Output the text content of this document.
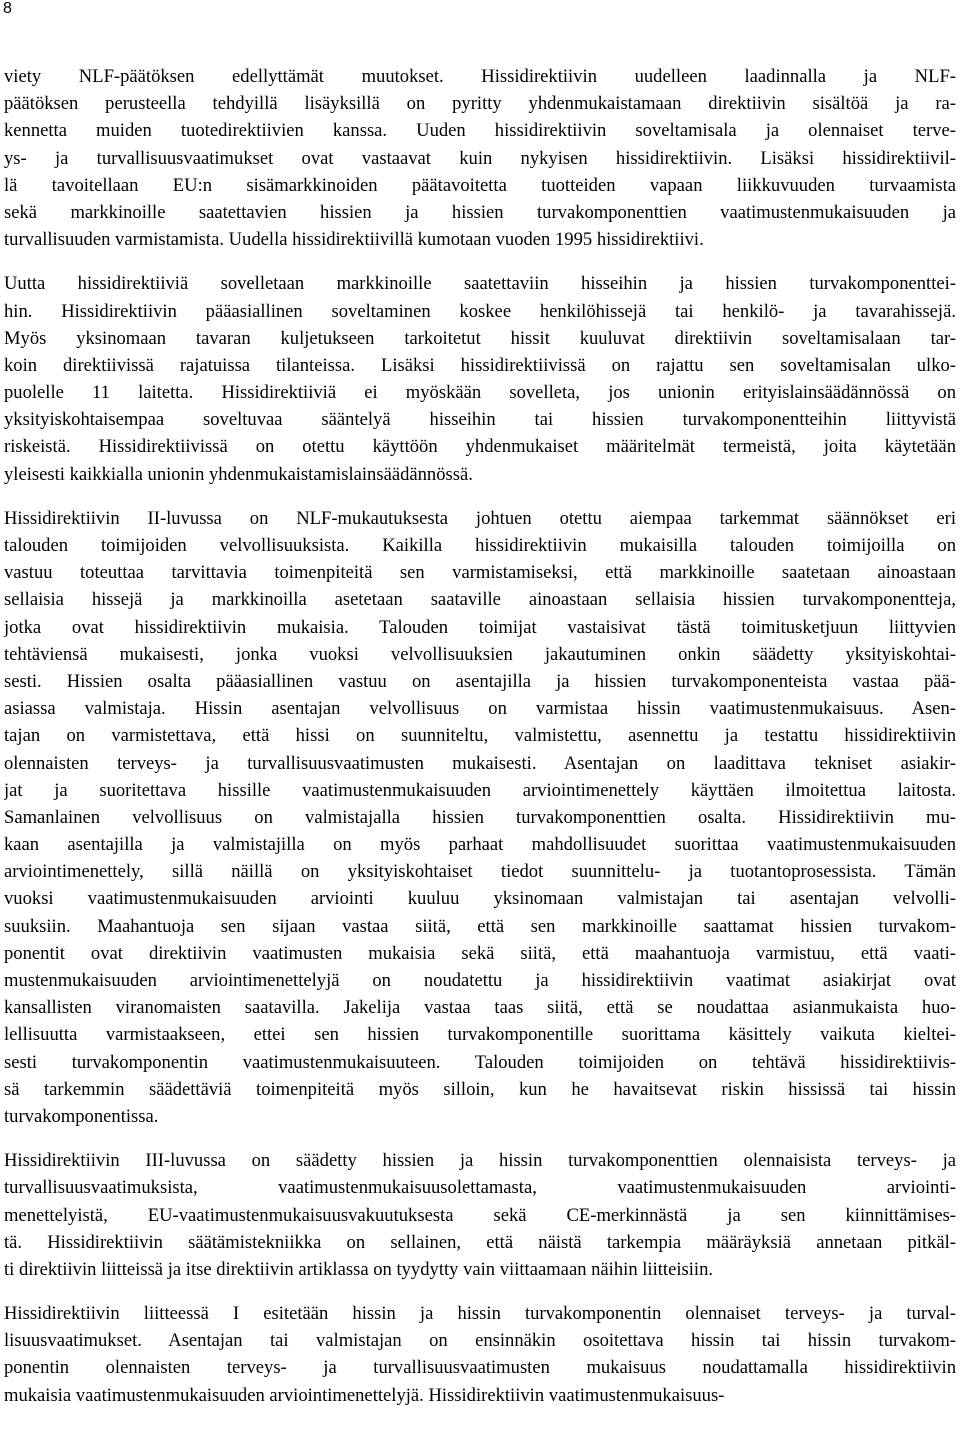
8
viety NLF-päätöksen edellyttämät muutokset. Hissidirektiivin uudelleen laadinnalla ja NLF-
päätöksen perusteella tehdyillä lisäyksillä on pyritty yhdenmukaistamaan direktiivin sisältöä ja ra-
kennetta muiden tuotedirektiivien kanssa. Uuden hissidirektiivin soveltamisala ja olennaiset terve-
ys- ja turvallisuusvaatimukset ovat vastaavat kuin nykyisen hissidirektiivin. Lisäksi hissidirektiivil-
lä tavoitellaan EU:n sisämarkkinoiden päätavoitetta tuotteiden vapaan liikkuvuuden turvaamista
sekä markkinoille saatettavien hissien ja hissien turvakomponenttien vaatimustenmukaisuuden ja
turvallisuuden varmistamista. Uudella hissidirektiivillä kumotaan vuoden 1995 hissidirektiivi.
Uutta hissidirektiiviä sovelletaan markkinoille saatettaviin hisseihin ja hissien turvakomponenttei-
hin. Hissidirektiivin pääasiallinen soveltaminen koskee henkilöhissejä tai henkilö- ja tavarahissejä.
Myös yksinomaan tavaran kuljetukseen tarkoitetut hissit kuuluvat direktiivin soveltamisalaan tar-
koin direktiivissä rajatuissa tilanteissa. Lisäksi hissidirektiivissä on rajattu sen soveltamisalan ulko-
puolelle 11 laitetta. Hissidirektiiviä ei myöskään sovelleta, jos unionin erityislainsäädännössä on
yksityiskohtaisempaa soveltuvaa sääntelyä hisseihin tai hissien turvakomponentteihin liittyvistä
riskeistä. Hissidirektiivissä on otettu käyttöön yhdenmukaiset määritelmät termeistä, joita käytetään
yleisesti kaikkialla unionin yhdenmukaistamislainsäädännössä.
Hissidirektiivin II-luvussa on NLF-mukautuksesta johtuen otettu aiempaa tarkemmat säännökset eri
talouden toimijoiden velvollisuuksista. Kaikilla hissidirektiivin mukaisilla talouden toimijoilla on
vastuu toteuttaa tarvittavia toimenpiteitä sen varmistamiseksi, että markkinoille saatetaan ainoastaan
sellaisia hissejä ja markkinoilla asetetaan saataville ainoastaan sellaisia hissien turvakomponentteja,
jotka ovat hissidirektiivin mukaisia. Talouden toimijat vastaisivat tästä toimitusketjuun liittyvien
tehtäviensä mukaisesti, jonka vuoksi velvollisuuksien jakautuminen onkin säädetty yksityiskohtai-
sesti. Hissien osalta pääasiallinen vastuu on asentajilla ja hissien turvakomponenteista vastaa pää-
asiassa valmistaja. Hissin asentajan velvollisuus on varmistaa hissin vaatimustenmukaisuus. Asen-
tajan on varmistettava, että hissi on suunniteltu, valmistettu, asennettu ja testattu hissidirektiivin
olennaisten terveys- ja turvallisuusvaatimusten mukaisesti. Asentajan on laadittava tekniset asiakir-
jat ja suoritettava hissille vaatimustenmukaisuuden arviointimenettely käyttäen ilmoitettua laitosta.
Samanlainen velvollisuus on valmistajalla hissien turvakomponenttien osalta. Hissidirektiivin mu-
kaan asentajilla ja valmistajilla on myös parhaat mahdollisuudet suorittaa vaatimustenmukaisuuden
arviointimenettely, sillä näillä on yksityiskohtaiset tiedot suunnittelu- ja tuotantoprosessista. Tämän
vuoksi vaatimustenmukaisuuden arviointi kuuluu yksinomaan valmistajan tai asentajan velvolli-
suuksiin. Maahantuoja sen sijaan vastaa siitä, että sen markkinoille saattamat hissien turvakom-
ponentit ovat direktiivin vaatimusten mukaisia sekä siitä, että maahantuoja varmistuu, että vaati-
mustenmukaisuuden arviointimenettelyjä on noudatettu ja hissidirektiivin vaatimat asiakirjat ovat
kansallisten viranomaisten saatavilla. Jakelija vastaa taas siitä, että se noudattaa asianmukaista huo-
lellisuutta varmistaakseen, ettei sen hissien turvakomponentille suorittama käsittely vaikuta kieltei-
sesti turvakomponentin vaatimustenmukaisuuteen. Talouden toimijoiden on tehtävä hissidirektiivis-
sä tarkemmin säädettäviä toimenpiteitä myös silloin, kun he havaitsevat riskin hississä tai hissin
turvakomponentissa.
Hissidirektiivin III-luvussa on säädetty hissien ja hissin turvakomponenttien olennaisista terveys- ja
turvallisuusvaatimuksista, vaatimustenmukaisuusolettamasta, vaatimustenmukaisuuden arviointi-
menettelyistä, EU-vaatimustenmukaisuusvakuutuksesta sekä CE-merkinnästä ja sen kiinnittämises-
tä. Hissidirektiivin säätämistekniikka on sellainen, että näistä tarkempia määräyksiä annetaan pitkäl-
ti direktiivin liitteissä ja itse direktiivin artiklassa on tyydytty vain viittaamaan näihin liitteisiin.
Hissidirektiivin liitteessä I esitetään hissin ja hissin turvakomponentin olennaiset terveys- ja turval-
lisuusvaatimukset. Asentajan tai valmistajan on ensinnäkin osoitettava hissin tai hissin turvakom-
ponentin olennaisten terveys- ja turvallisuusvaatimusten mukaisuus noudattamalla hissidirektiivin
mukaisia vaatimustenmukaisuuden arviointimenettelyjä. Hissidirektiivin vaatimustenmukaisuus-
